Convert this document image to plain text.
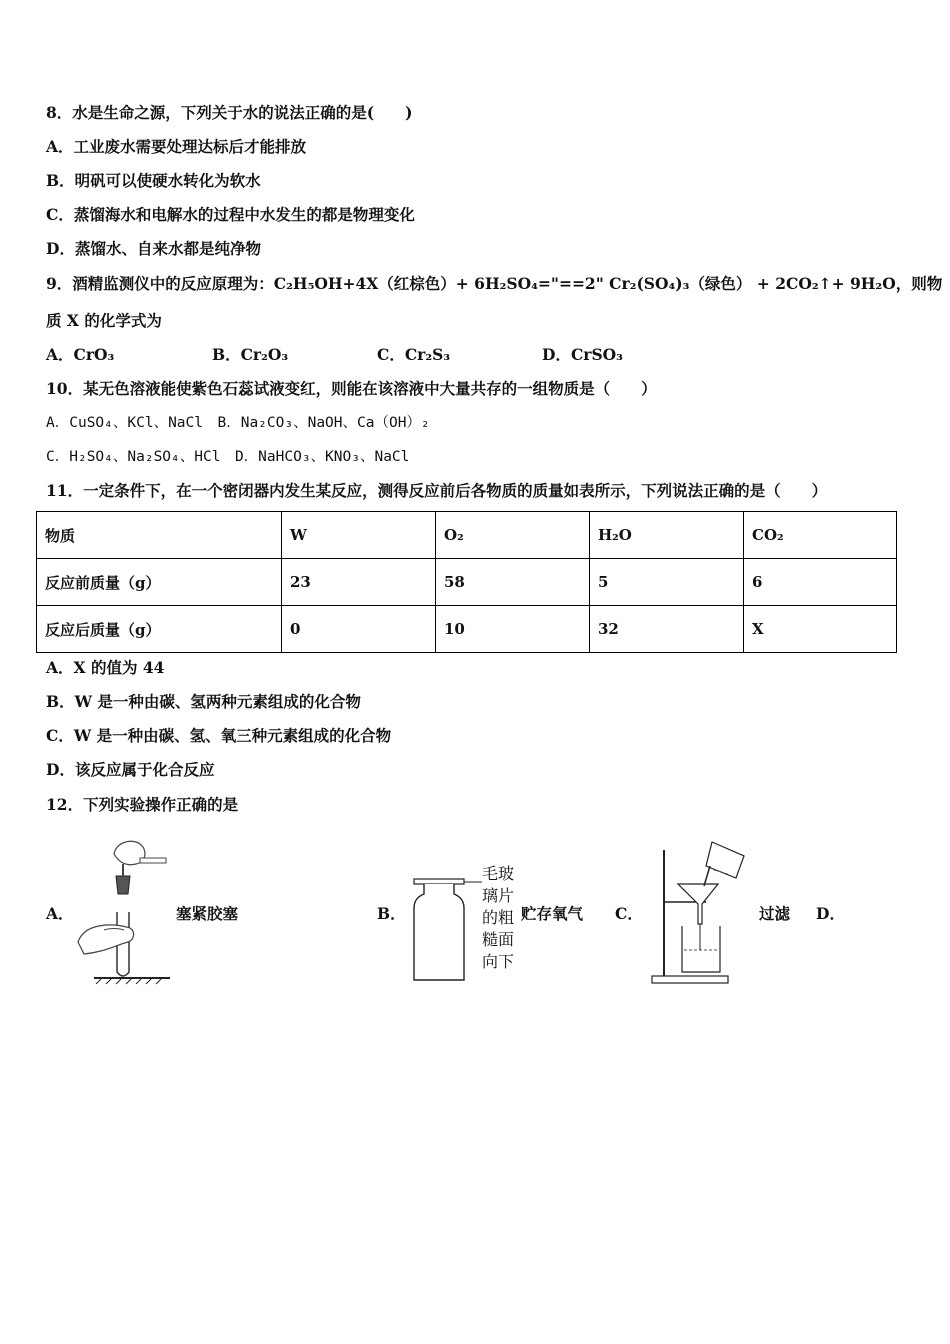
8．水是生命之源，下列关于水的说法正确的是(　　)
A．工业废水需要处理达标后才能排放
B．明矾可以使硬水转化为软水
C．蒸馏海水和电解水的过程中水发生的都是物理变化
D．蒸馏水、自来水都是纯净物
9．酒精监测仪中的反应原理为：C₂H₅OH+4X（红棕色）+ 6H₂SO₄="==2" Cr₂(SO₄)₃（绿色） + 2CO₂↑+ 9H₂O，则物
质 X 的化学式为
A．CrO₃	B．Cr₂O₃	C．Cr₂S₃	D．CrSO₃
10．某无色溶液能使紫色石蕊试液变红，则能在该溶液中大量共存的一组物质是（　　）
A．CuSO₄、KCl、NaCl　B．Na₂CO₃、NaOH、Ca（OH）₂
C．H₂SO₄、Na₂SO₄、HCl　D．NaHCO₃、KNO₃、NaCl
11．一定条件下，在一个密闭器内发生某反应，测得反应前后各物质的质量如表所示，下列说法正确的是（　　）
物质	W	O₂	H₂O	CO₂
反应前质量（g）	23	58	5	6
反应后质量（g）	0	10	32	X
A．X 的值为 44
B．W 是一种由碳、氢两种元素组成的化合物
C．W 是一种由碳、氢、氧三种元素组成的化合物
D．该反应属于化合反应
12．下列实验操作正确的是
A．	塞紧胶塞	B．
毛玻璃片的粗糙面向下
贮存氧气 C．	过滤 D．
